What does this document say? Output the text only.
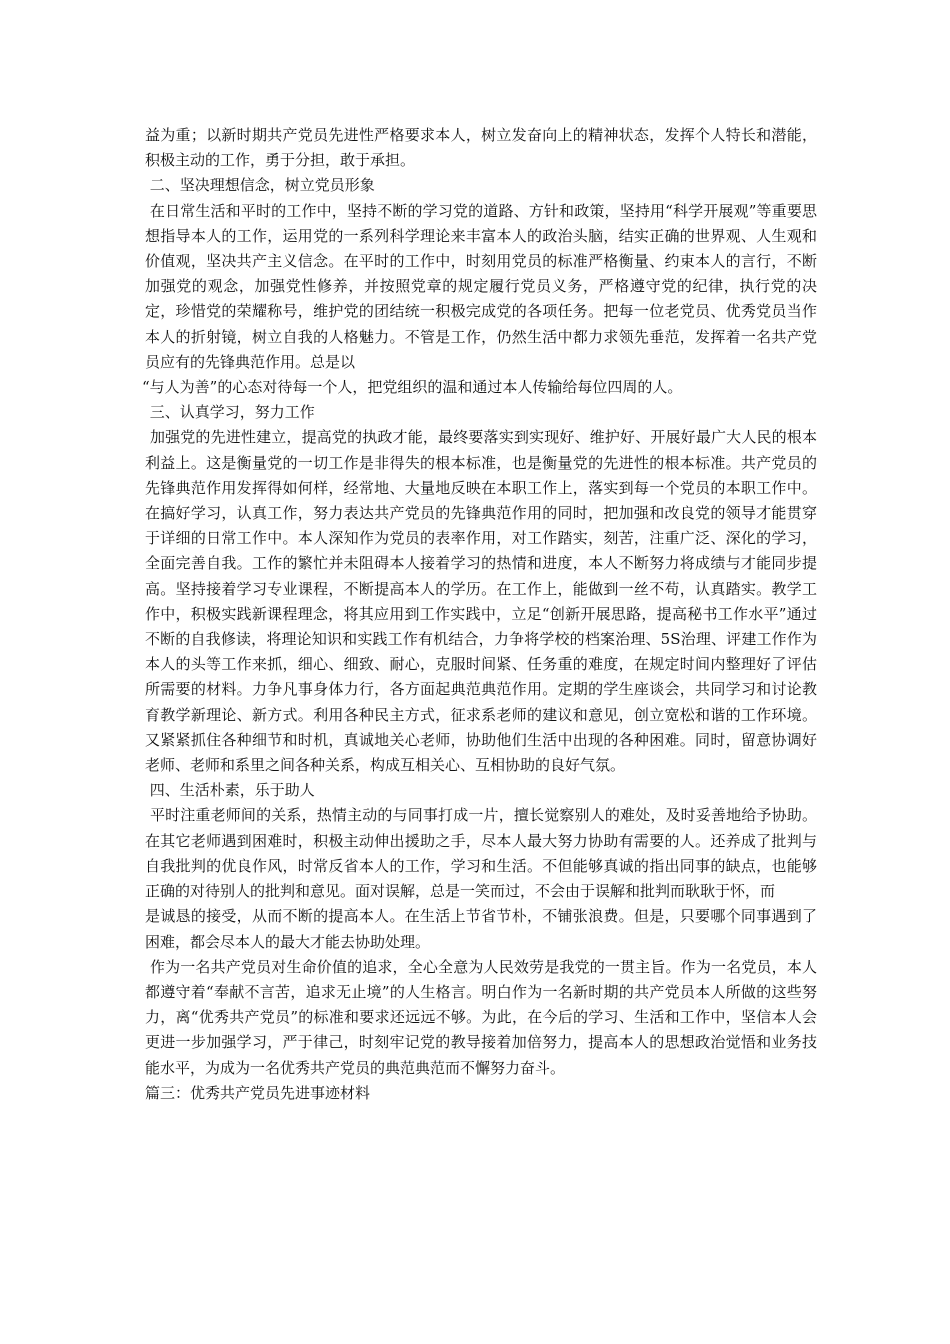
益为重；以新时期共产党员先进性严格要求本人，树立发奋向上的精神状态，发挥个人特长和潜能，积极主动的工作，勇于分担，敢于承担。

二、坚决理想信念，树立党员形象

在日常生活和平时的工作中，坚持不断的学习党的道路、方针和政策，坚持用“科学开展观”等重要思想指导本人的工作，运用党的一系列科学理论来丰富本人的政治头脑，结实正确的世界观、人生观和价值观，坚决共产主义信念。在平时的工作中，时刻用党员的标准严格衡量、约束本人的言行，不断加强党的观念，加强党性修养，并按照党章的规定履行党员义务，严格遵守党的纪律，执行党的决定，珍惜党的荣耀称号，维护党的团结统一积极完成党的各项任务。把每一位老党员、优秀党员当作本人的折射镜，树立自我的人格魅力。不管是工作，仍然生活中都力求领先垂范，发挥着一名共产党员应有的先锋典范作用。总是以

“与人为善”的心态对待每一个人，把党组织的温和通过本人传输给每位四周的人。

三、认真学习，努力工作

加强党的先进性建立，提高党的执政才能，最终要落实到实现好、维护好、开展好最广大人民的根本利益上。这是衡量党的一切工作是非得失的根本标准，也是衡量党的先进性的根本标准。共产党员的先锋典范作用发挥得如何样，经常地、大量地反映在本职工作上，落实到每一个党员的本职工作中。在搞好学习，认真工作，努力表达共产党员的先锋典范作用的同时，把加强和改良党的领导才能贯穿于详细的日常工作中。本人深知作为党员的表率作用，对工作踏实，刻苦，注重广泛、深化的学习，全面完善自我。工作的繁忙并未阻碍本人接着学习的热情和进度，本人不断努力将成绩与才能同步提高。坚持接着学习专业课程，不断提高本人的学历。在工作上，能做到一丝不苟，认真踏实。教学工作中，积极实践新课程理念，将其应用到工作实践中，立足“创新开展思路，提高秘书工作水平”通过不断的自我修读，将理论知识和实践工作有机结合，力争将学校的档案治理、5S治理、评建工作作为本人的头等工作来抓，细心、细致、耐心，克服时间紧、任务重的难度，在规定时间内整理好了评估所需要的材料。力争凡事身体力行，各方面起典范典范作用。定期的学生座谈会，共同学习和讨论教育教学新理论、新方式。利用各种民主方式，征求系老师的建议和意见，创立宽松和谐的工作环境。又紧紧抓住各种细节和时机，真诚地关心老师，协助他们生活中出现的各种困难。同时，留意协调好老师、老师和系里之间各种关系，构成互相关心、互相协助的良好气氛。

四、生活朴素，乐于助人

平时注重老师间的关系，热情主动的与同事打成一片，擅长觉察别人的难处，及时妥善地给予协助。在其它老师遇到困难时，积极主动伸出援助之手，尽本人最大努力协助有需要的人。还养成了批判与自我批判的优良作风，时常反省本人的工作，学习和生活。不但能够真诚的指出同事的缺点，也能够正确的对待别人的批判和意见。面对误解，总是一笑而过，不会由于误解和批判而耿耿于怀，而

是诚恳的接受，从而不断的提高本人。在生活上节省节朴，不铺张浪费。但是，只要哪个同事遇到了困难，都会尽本人的最大才能去协助处理。

作为一名共产党员对生命价值的追求，全心全意为人民效劳是我党的一贯主旨。作为一名党员，本人都遵守着“奉献不言苦，追求无止境”的人生格言。明白作为一名新时期的共产党员本人所做的这些努力，离“优秀共产党员”的标准和要求还远远不够。为此，在今后的学习、生活和工作中，坚信本人会更进一步加强学习，严于律己，时刻牢记党的教导接着加倍努力，提高本人的思想政治觉悟和业务技能水平，为成为一名优秀共产党员的典范典范而不懈努力奋斗。

篇三：优秀共产党员先进事迹材料
